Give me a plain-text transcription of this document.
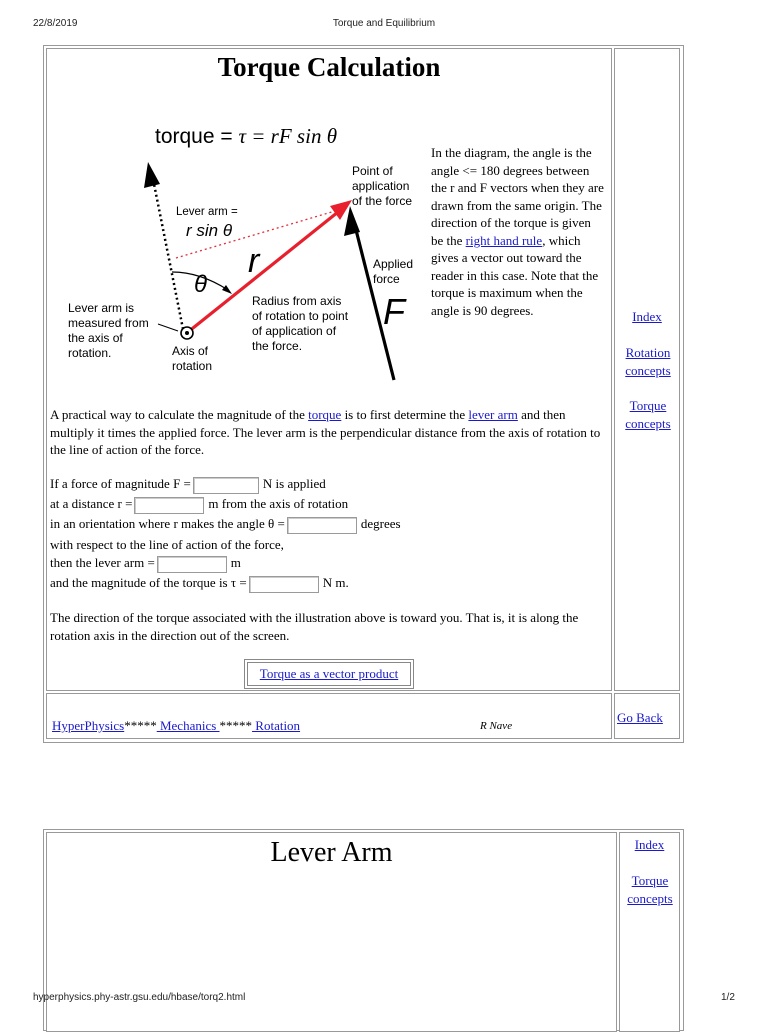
22/8/2019	Torque and Equilibrium
Torque Calculation
torque = τ = rF sin θ
Point of application of the force
Lever arm =
r sin θ
r
θ
Applied force
F
Radius from axis of rotation to point of application of the force.
Lever arm is measured from the axis of rotation.	Axis of rotation
In the diagram, the angle is the angle <= 180 degrees between the r and F vectors when they are drawn from the same origin. The direction of the torque is given be the right hand rule, which gives a vector out toward the reader in this case. Note that the torque is maximum when the angle is 90 degrees.
A practical way to calculate the magnitude of the torque is to first determine the lever arm and then multiply it times the applied force. The lever arm is the perpendicular distance from the axis of rotation to the line of action of the force.
If a force of magnitude F =	N is applied
at a distance r =	m from the axis of rotation
in an orientation where r makes the angle θ =	degrees
with respect to the line of action of the force,
then the lever arm =	m
and the magnitude of the torque is τ =	N m.
The direction of the torque associated with the illustration above is toward you. That is, it is along the rotation axis in the direction out of the screen.
Torque as a vector product
Index
Rotation concepts
Torque concepts
HyperPhysics***** Mechanics ***** Rotation	R Nave
Go Back
Lever Arm	Index
Torque concepts
hyperphysics.phy-astr.gsu.edu/hbase/torq2.html	1/2
